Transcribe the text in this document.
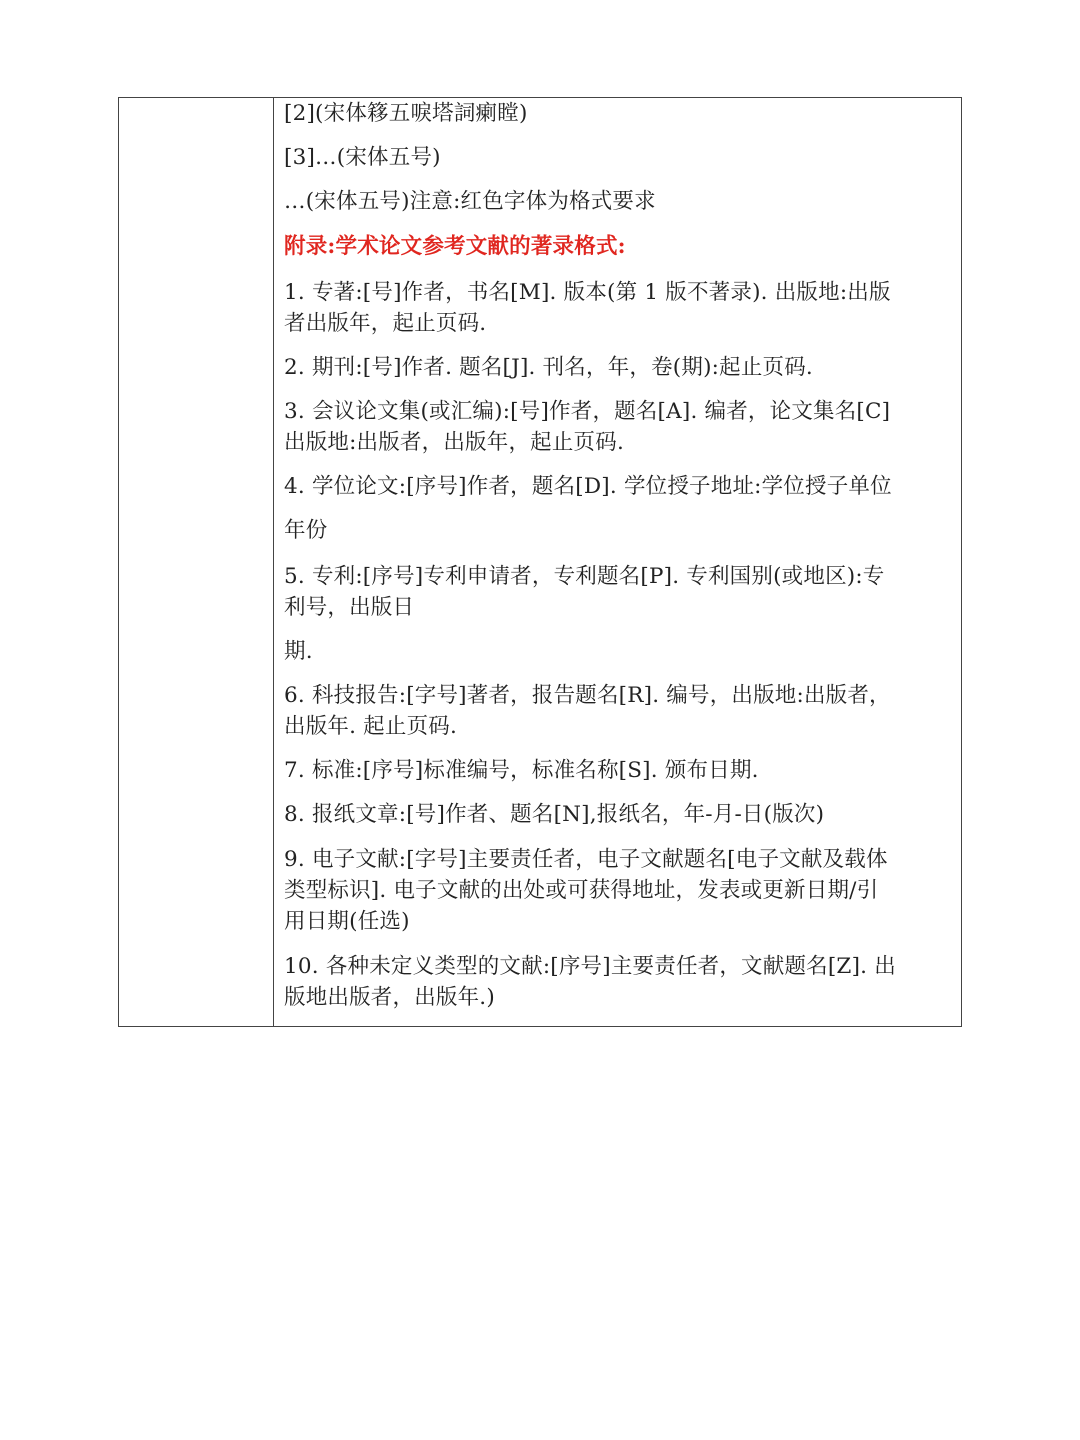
[2](宋体簃五唳塔詞瘌瞠)
[3]…(宋体五号)
…(宋体五号)注意:红色字体为格式要求
附录:学术论文参考文献的著录格式:
1. 专著:[号]作者，书名[M]. 版本(第 1 版不著录). 出版地:出版
者出版年，起止页码.
2. 期刊:[号]作者. 题名[J]. 刊名，年，卷(期):起止页码.
3. 会议论文集(或汇编):[号]作者，题名[A]. 编者，论文集名[C]
出版地:出版者，出版年，起止页码.
4. 学位论文:[序号]作者，题名[D]. 学位授子地址:学位授子单位
年份
5. 专利:[序号]专利申请者，专利题名[P]. 专利国别(或地区):专
利号，出版日
期.
6. 科技报告:[字号]著者，报告题名[R]. 编号，出版地:出版者，
出版年. 起止页码.
7. 标准:[序号]标准编号，标准名称[S]. 颁布日期.
8. 报纸文章:[号]作者、题名[N],报纸名，年-月-日(版次)
9. 电子文献:[字号]主要责任者，电子文献题名[电子文献及载体
类型标识]. 电子文献的出处或可获得地址，发表或更新日期/引
用日期(任选)
10. 各种未定义类型的文献:[序号]主要责任者，文献题名[Z]. 出
版地出版者，出版年.)
